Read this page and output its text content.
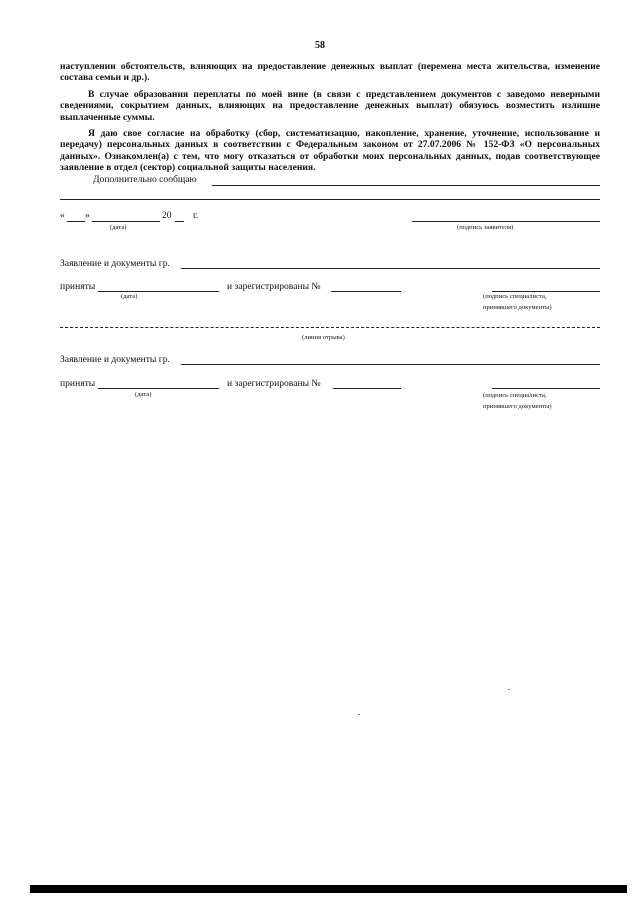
58
наступлении обстоятельств, влияющих на предоставление денежных выплат (перемена места жительства, изменение состава семьи и др.).
В случае образования переплаты по моей вине (в связи с представлением документов с заведомо неверными сведениями, сокрытием данных, влияющих на предоставление денежных выплат) обязуюсь возместить излишне выплаченные суммы.
Я даю свое согласие на обработку (сбор, систематизацию, накопление, хранение, уточнение, использование и передачу) персональных данных в соответствии с Федеральным законом от 27.07.2006 № 152-ФЗ «О персональных данных». Ознакомлен(а) с тем, что могу отказаться от обработки моих персональных данных, подав соответствующее заявление в отдел (сектор) социальной защиты населения.
Дополнительно сообщаю
« »	20 г.
(дата)	(подпись заявителя)
Заявление и документы гр.
приняты
(дата)
и зарегистрированы №
(подпись специалиста,
принявшего документы)
(линия отрыва)
Заявление и документы гр.
приняты
(дата)
и зарегистрированы №
(подпись специалиста,
принявшего документы)
